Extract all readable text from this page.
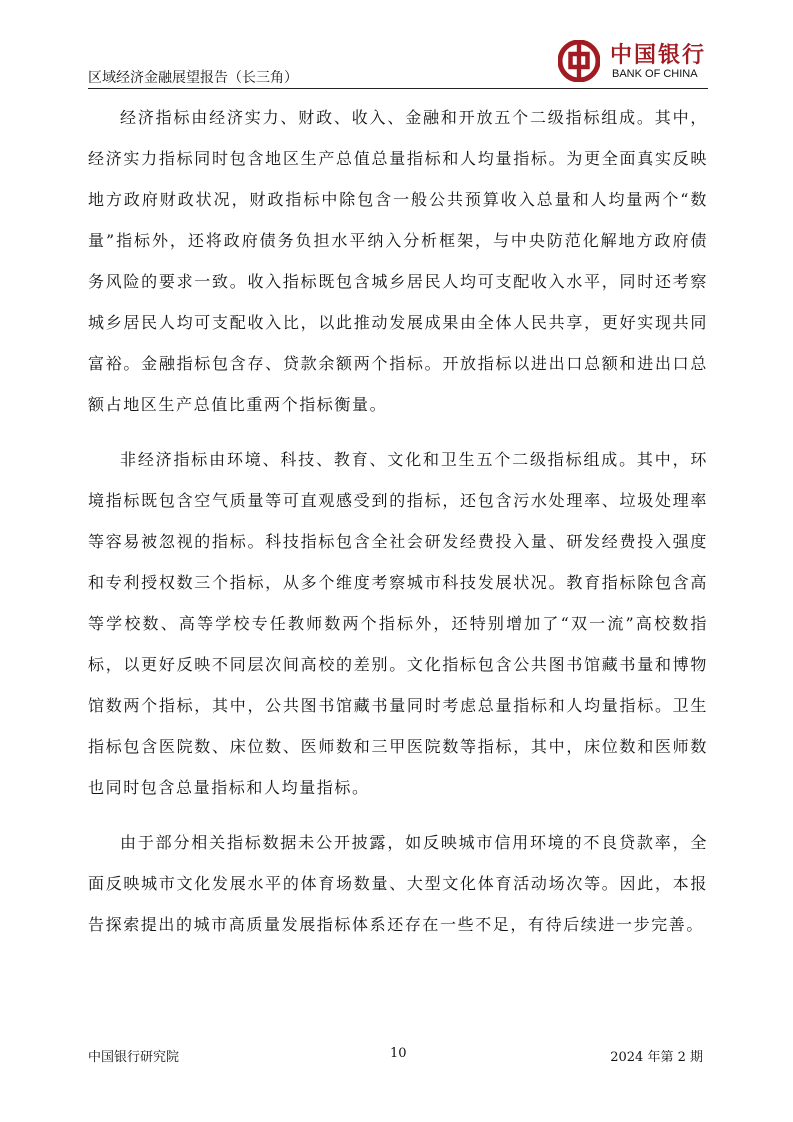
区域经济金融展望报告（长三角）
中国银行
BANK OF CHINA

经济指标由经济实力、财政、收入、金融和开放五个二级指标组成。其中，经济实力指标同时包含地区生产总值总量指标和人均量指标。为更全面真实反映地方政府财政状况，财政指标中除包含一般公共预算收入总量和人均量两个“数量”指标外，还将政府债务负担水平纳入分析框架，与中央防范化解地方政府债务风险的要求一致。收入指标既包含城乡居民人均可支配收入水平，同时还考察城乡居民人均可支配收入比，以此推动发展成果由全体人民共享，更好实现共同富裕。金融指标包含存、贷款余额两个指标。开放指标以进出口总额和进出口总额占地区生产总值比重两个指标衡量。

非经济指标由环境、科技、教育、文化和卫生五个二级指标组成。其中，环境指标既包含空气质量等可直观感受到的指标，还包含污水处理率、垃圾处理率等容易被忽视的指标。科技指标包含全社会研发经费投入量、研发经费投入强度和专利授权数三个指标，从多个维度考察城市科技发展状况。教育指标除包含高等学校数、高等学校专任教师数两个指标外，还特别增加了“双一流”高校数指标，以更好反映不同层次间高校的差别。文化指标包含公共图书馆藏书量和博物馆数两个指标，其中，公共图书馆藏书量同时考虑总量指标和人均量指标。卫生指标包含医院数、床位数、医师数和三甲医院数等指标，其中，床位数和医师数也同时包含总量指标和人均量指标。

由于部分相关指标数据未公开披露，如反映城市信用环境的不良贷款率，全面反映城市文化发展水平的体育场数量、大型文化体育活动场次等。因此，本报告探索提出的城市高质量发展指标体系还存在一些不足，有待后续进一步完善。

中国银行研究院	10	2024 年第 2 期
